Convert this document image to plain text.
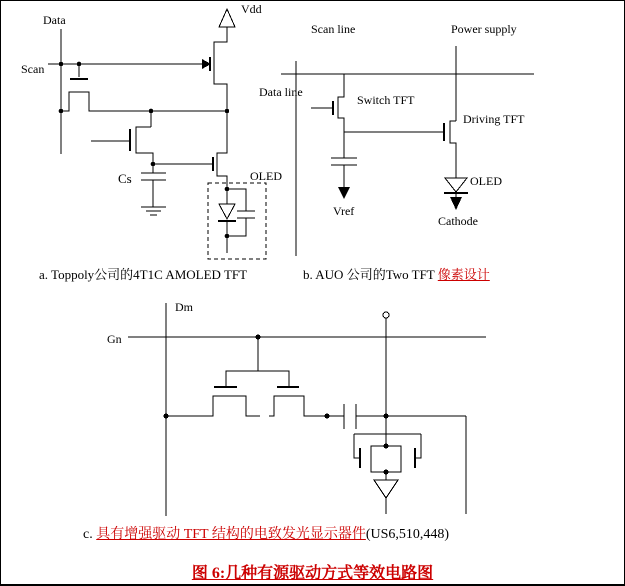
Data
Scan
Vdd
Cs	OLED
a. Toppoly公司的4T1C AMOLED TFT
Scan line	Power supply
Data line
Switch TFT
Driving TFT
Vref
OLED
Cathode
b. AUO 公司的Two TFT 像素设计
Dm
Gn
c. 具有增强驱动 TFT 结构的电致发光显示器件(US6,510,448)
图 6:几种有源驱动方式等效电路图
